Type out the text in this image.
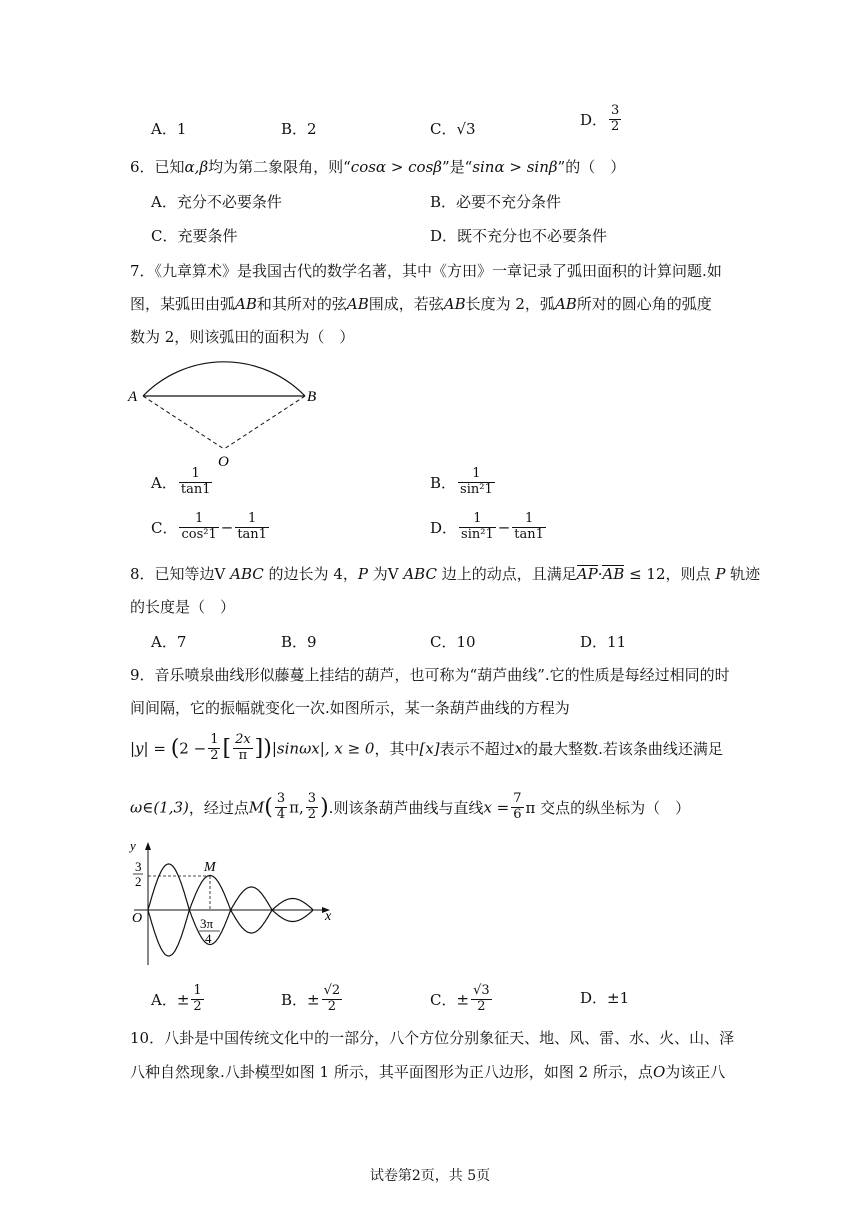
A．1	B．2	C．√3
D． $\frac{3}{2}$
6．已知α,β均为第二象限角，则“cosα > cosβ”是“sinα > sinβ”的（　）
A．充分不必要条件	B．必要不充分条件
C．充要条件	D．既不充分也不必要条件
7．《九章算术》是我国古代的数学名著，其中《方田》一章记录了弧田面积的计算问题.如
图，某弧田由弧AB和其所对的弦AB围成，若弦AB长度为 2，弧AB所对的圆心角的弧度
数为 2，则该弧田的面积为（　）
A	B
O
A． $\frac{1}{\tan 1}$	B． $\frac{1}{\text{sin²1}}$
C． $\frac{1}{\text{cos²1}} - \frac{1}{\tan 1}$	D． $\frac{1}{\text{sin²1}} - \frac{1}{\tan 1}$
8．已知等边V ABC 的边长为 4，P 为V ABC 边上的动点，且满足AP·AB ≤ 12，则点 P 轨迹
的长度是（　）
A．7	B．9	C．10	D．11
9．音乐喷泉曲线形似藤蔓上挂结的葫芦，也可称为“葫芦曲线”.它的性质是每经过相同的时
间间隔，它的振幅就变化一次.如图所示，某一条葫芦曲线的方程为
$|y| = (2 - \frac{1}{2}$ [ $\frac{2x}{\pi} ])|\sin\omega x|$, x ≥ 0，其中[x]表示不超过x的最大整数.若该条曲线还满足
ω∈(1,3)，经过点$M( \frac{3}{4} \pi$, $\frac{3}{2}$ ).则该条葫芦曲线与直线$x = \frac{7}{6}$ π 交点的纵坐标为（　）
y
x
O
M
3
2
3π
4
A．± $\frac{1}{2}$	B．± $\frac{√2}{2}$	C．± $\frac{√3}{2}$	D．±1
10．八卦是中国传统文化中的一部分，八个方位分别象征天、地、风、雷、水、火、山、泽
八种自然现象.八卦模型如图 1 所示，其平面图形为正八边形，如图 2 所示，点O为该正八
试卷第2页，共 5页
